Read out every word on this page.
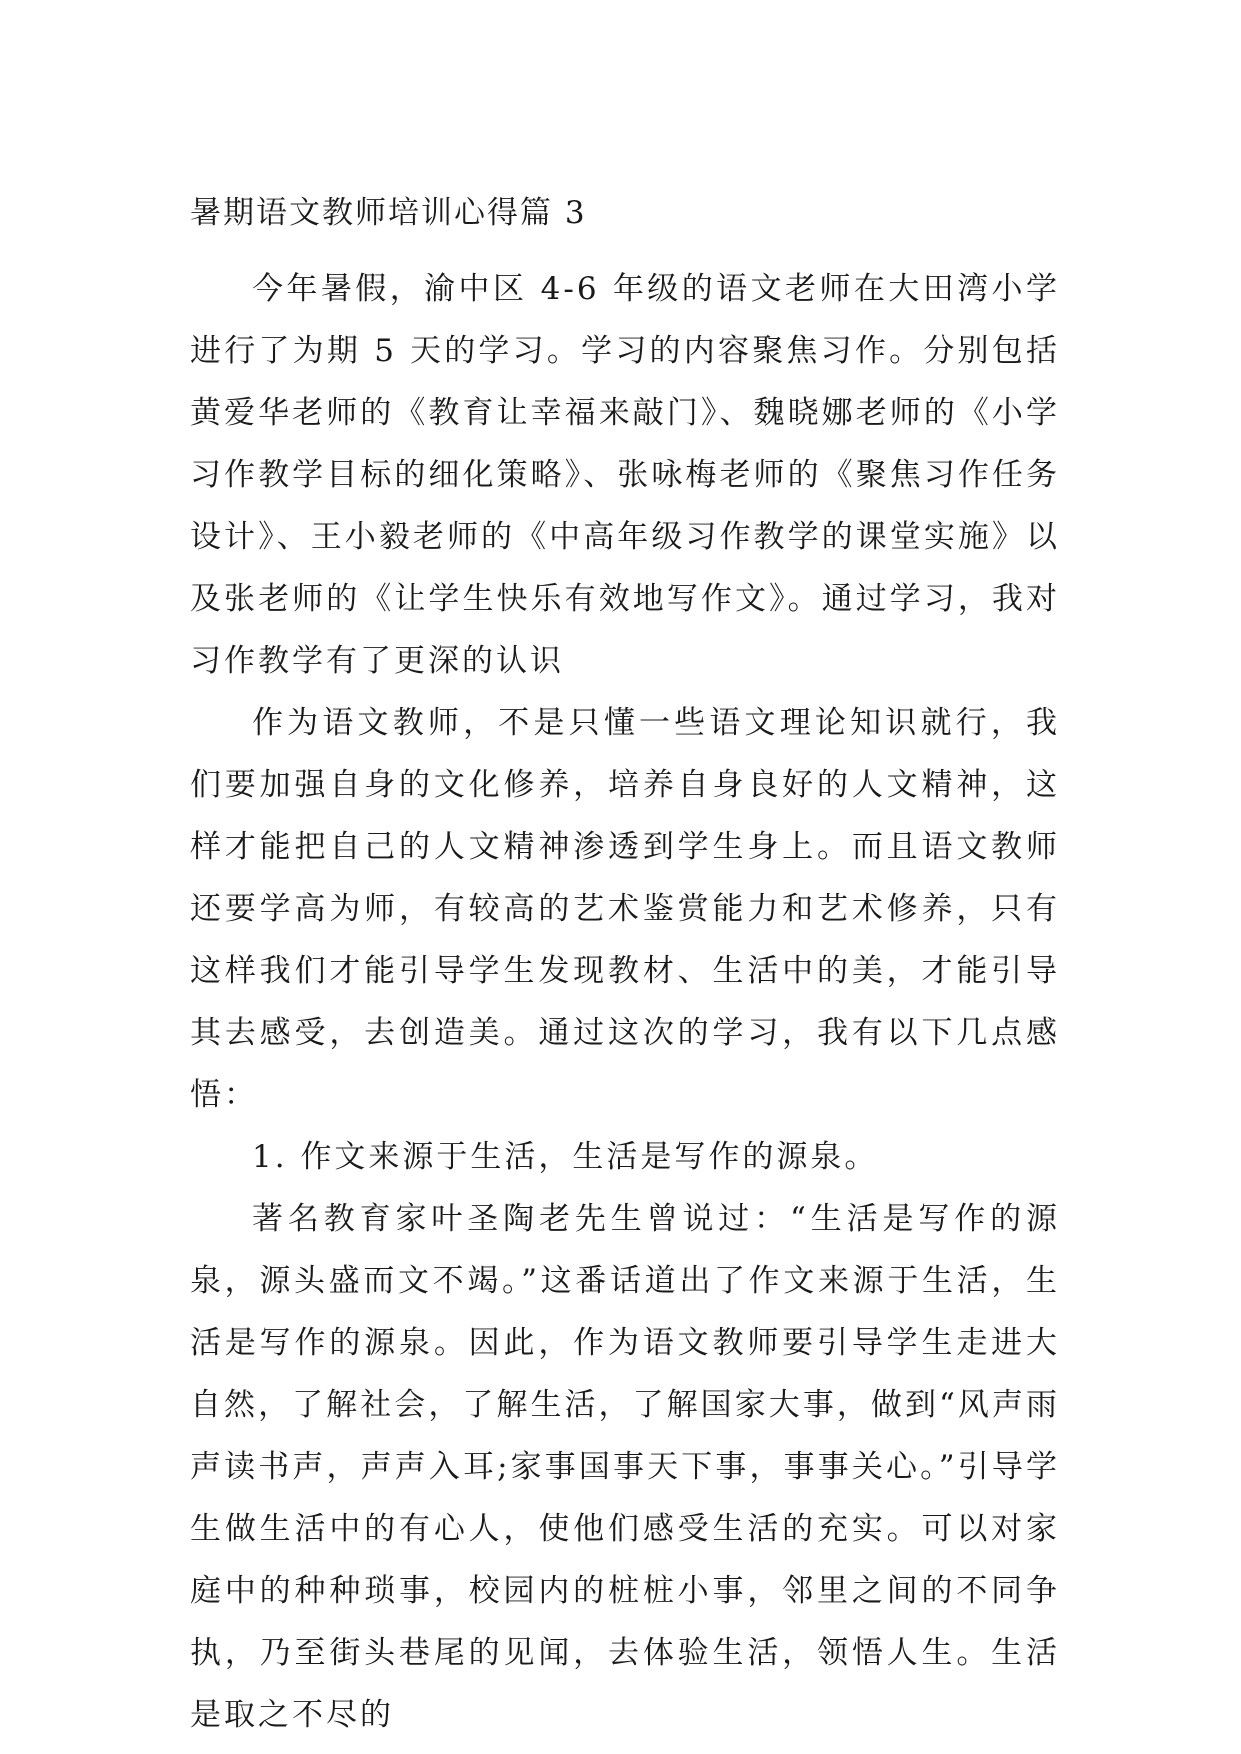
暑期语文教师培训心得篇 3

今年暑假，渝中区 4-6 年级的语文老师在大田湾小学进行了为期 5 天的学习。学习的内容聚焦习作。分别包括黄爱华老师的《教育让幸福来敲门》、魏晓娜老师的《小学习作教学目标的细化策略》、张咏梅老师的《聚焦习作任务设计》、王小毅老师的《中高年级习作教学的课堂实施》以及张老师的《让学生快乐有效地写作文》。通过学习，我对习作教学有了更深的认识

作为语文教师，不是只懂一些语文理论知识就行，我们要加强自身的文化修养，培养自身良好的人文精神，这样才能把自己的人文精神渗透到学生身上。而且语文教师还要学高为师，有较高的艺术鉴赏能力和艺术修养，只有这样我们才能引导学生发现教材、生活中的美，才能引导其去感受，去创造美。通过这次的学习，我有以下几点感悟：

1. 作文来源于生活，生活是写作的源泉。

著名教育家叶圣陶老先生曾说过：“生活是写作的源泉，源头盛而文不竭。”这番话道出了作文来源于生活，生活是写作的源泉。因此，作为语文教师要引导学生走进大自然，了解社会，了解生活，了解国家大事，做到“风声雨声读书声，声声入耳;家事国事天下事，事事关心。”引导学生做生活中的有心人，使他们感受生活的充实。可以对家庭中的种种琐事，校园内的桩桩小事，邻里之间的不同争执，乃至街头巷尾的见闻，去体验生活，领悟人生。生活是取之不尽的
